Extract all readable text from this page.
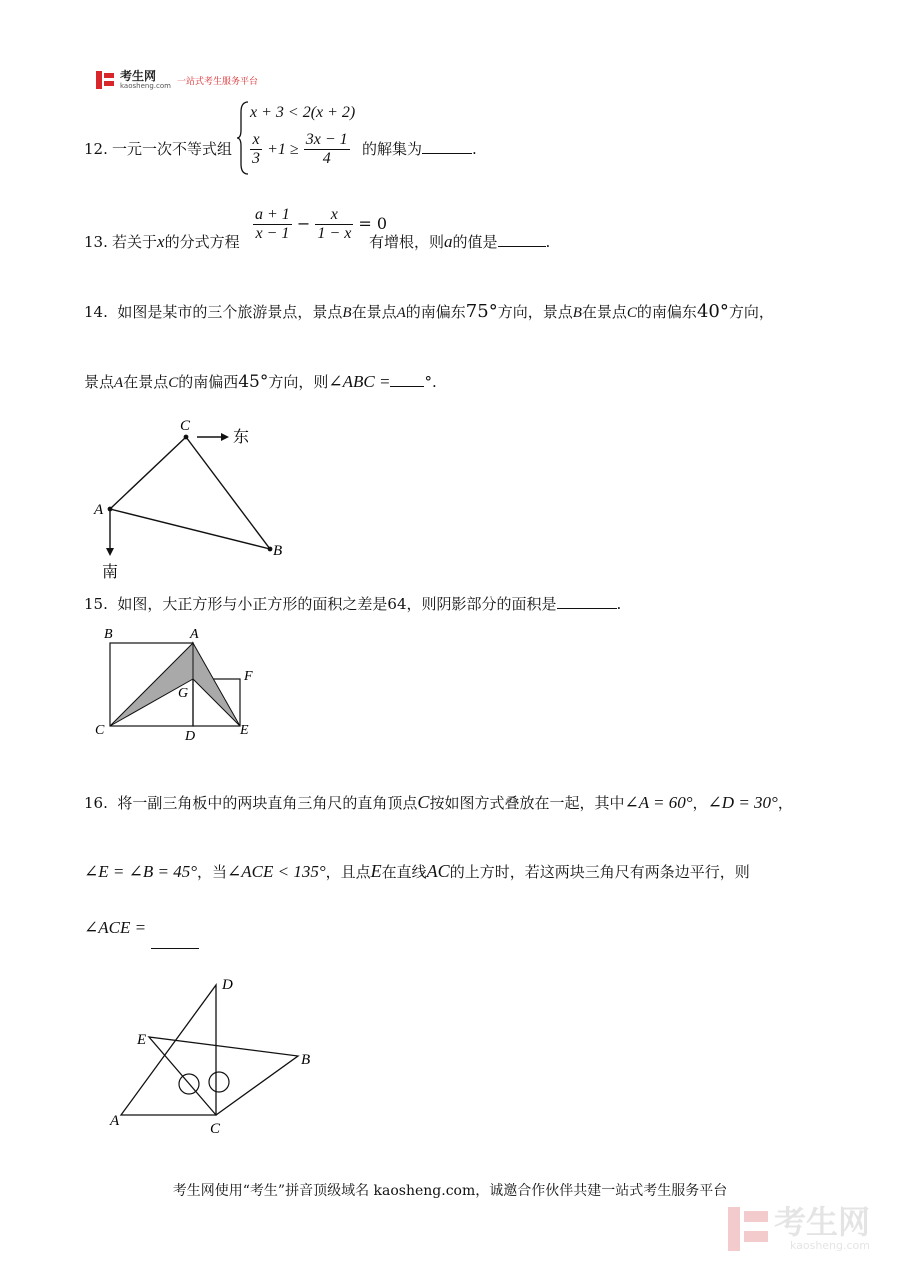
考生网
kaosheng.com 一站式考生服务平台
12. 一元一次不等式组
x + 3 < 2(x + 2)
$\frac{x}{3} +1 \ge \frac{3x - 1}{4}$ 的解集为	.
13. 若关于x的分式方程 $\frac{a + 1}{x - 1} - \frac{x}{1 - x} = 0$
有增根，则a的值是	.
14. 如图是某市的三个旅游景点，景点B在景点A的南偏东75°方向，景点B在景点C的南偏东40°方向，
景点A在景点C的南偏西45°方向，则∠ABC = °.
C
A
B
东
南
15. 如图，大正方形与小正方形的面积之差是64，则阴影部分的面积是	.
B	A
F
G
C	D	E
16. 将一副三角板中的两块直角三角尺的直角顶点C按如图方式叠放在一起，其中∠A = 60°，∠D = 30°，
∠E = ∠B = 45°，当∠ACE < 135°，且点E在直线AC的上方时，若这两块三角尺有两条边平行，则
∠ACE =
D
E
B
A	C
考生网使用“考生”拼音顶级域名 kaosheng.com，诚邀合作伙伴共建一站式考生服务平台
考生网
kaosheng.com
